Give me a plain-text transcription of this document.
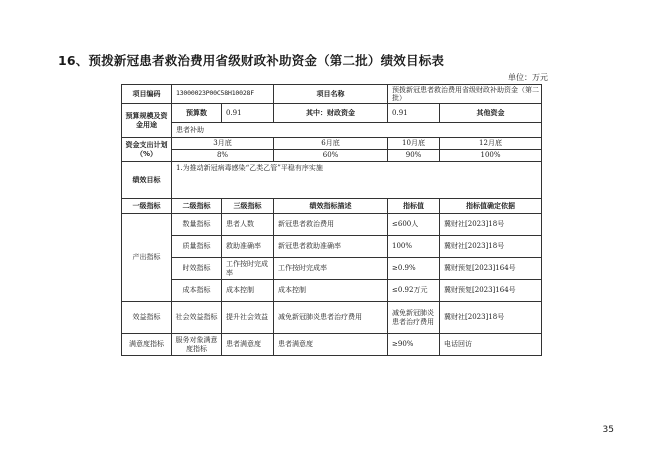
16、预拨新冠患者救治费用省级财政补助资金（第二批）绩效目标表
单位：万元
项目编码	13000023P00C58H10028F		项目名称	预拨新冠患者救治费用省级财政补助资金（第二批）	
预算规模及资金用途	预算数	0.91	其中：财政资金	0.91	其他资金
	患者补助				
资金支出计划（%）	3月底		6月底	10月底	12月底
	8%		60%	90%	100%
绩效目标	1.为推动新冠病毒感染“乙类乙管”平稳有序实施				
一级指标	二级指标	三级指标	绩效指标描述	指标值	指标值确定依据
产出指标	数量指标	患者人数	新冠患者救治费用	≤600人	冀财社[2023]18号
	质量指标	救助准确率	新冠患者救助准确率	100%	冀财社[2023]18号
	时效指标	工作按时完成率	工作按时完成率	≥0.9%	冀财预复[2023]164号
	成本指标	成本控制	成本控制	≤0.92万元	冀财预复[2023]164号
效益指标	社会效益指标	提升社会效益	减免新冠肺炎患者治疗费用	减免新冠肺炎患者治疗费用	冀财社[2023]18号
满意度指标	服务对象满意度指标	患者满意度	患者满意度	≥90%	电话回访
35
